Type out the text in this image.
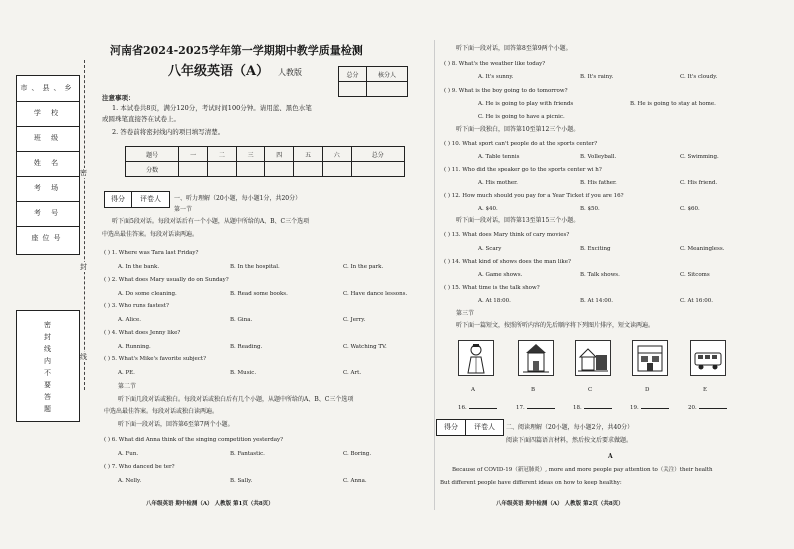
市、县、乡
学 校
班 级
姓 名
考 场
考 号
座位号
密封线内不要答题
密
封
线
河南省2024-2025学年第一学期期中教学质量检测
八年级英语（A） 人教版	总分	核分人

注意事项：
1. 本试卷共8页，满分120分，考试时间100分钟。请用蓝、黑色水笔
或圆珠笔直接答在试卷上。
2. 答卷前将密封线内的项目填写清楚。
题号	一	二	三	四	五	六	总分
分数							
得分	评卷人	一、听力理解（20小题，每小题1分，共20分）
第一节
听下面5段对话。每段对话后有一个小题，从题中所给的A、B、C三个选项
中选出最佳答案。每段对话读两遍。
( ) 1. Where was Tara last Friday?
A. In the bank.	B. In the hospital.	C. In the park.
( ) 2. What does Mary usually do on Sunday?
A. Do some cleaning.	B. Read some books.	C. Have dance lessons.
( ) 3. Who runs fastest?
A. Alice.	B. Gina.	C. Jerry.
( ) 4. What does Jenny like?
A. Running.	B. Reading.	C. Watching TV.
( ) 5. What's Mike's favorite subject?
A. PE.	B. Music.	C. Art.
第二节
听下面几段对话或独白。每段对话或独白后有几个小题，从题中所给的A、B、C三个选项
中选出最佳答案。每段对话或独白读两遍。
听下面一段对话，回答第6至第7两个小题。
( ) 6. What did Anna think of the singing competition yesterday?
A. Fun.	B. Fantastic.	C. Boring.
( ) 7. Who danced be ter?
A. Nelly.	B. Sally.	C. Anna.
八年级英语 期中检测（A） 人教版 第1页（共8页）
听下面一段对话，回答第8至第9两个小题。
( ) 8. What's the weather like today?
A. It's sunny.	B. It's rainy.	C. It's cloudy.
( ) 9. What is the boy going to do tomorrow?
A. He is going to play with friends	B. He is going to stay at home.
C. He is going to have a picnic.
听下面一段独白，回答第10至第12三个小题。
( ) 10. What sport can't people do at the sports center?
A. Table tennis	B. Volleyball.	C. Swimming.
( ) 11. Who did the speaker go to the sports center wi h?
A. His mother.	B. His father.	C. His friend.
( ) 12. How much should you pay for a Year Ticket if you are 16?
A. $40.	B. $50.	C. $60.
听下面一段对话，回答第13至第15三个小题。
( ) 13. What does Mary think of cary movies?
A. Scary	B. Exciting	C. Meaningless.
( ) 14. What kind of shows does the man like?
A. Game shows.	B. Talk shows.	C. Sitcoms
( ) 15. What time is the talk show?
A. At 18:00.	B. At 14:00.	C. At 16:00.
第三节
听下面一篇短文，按照所听内容的先后顺序将下列图片排序，短文读两遍。
A	B	C	D	E
16.	17.	18.	19.	20.
得分	评卷人	二、阅读理解（20小题，每小题2分，共40分）
阅读下面四篇语言材料，然后按文后要求做题。
A
Because of COVID-19（新冠肺炎）, more and more people pay attention to（关注）their health
But different people have different ideas on how to keep healthy:
八年级英语 期中检测（A） 人教版 第2页（共8页）
